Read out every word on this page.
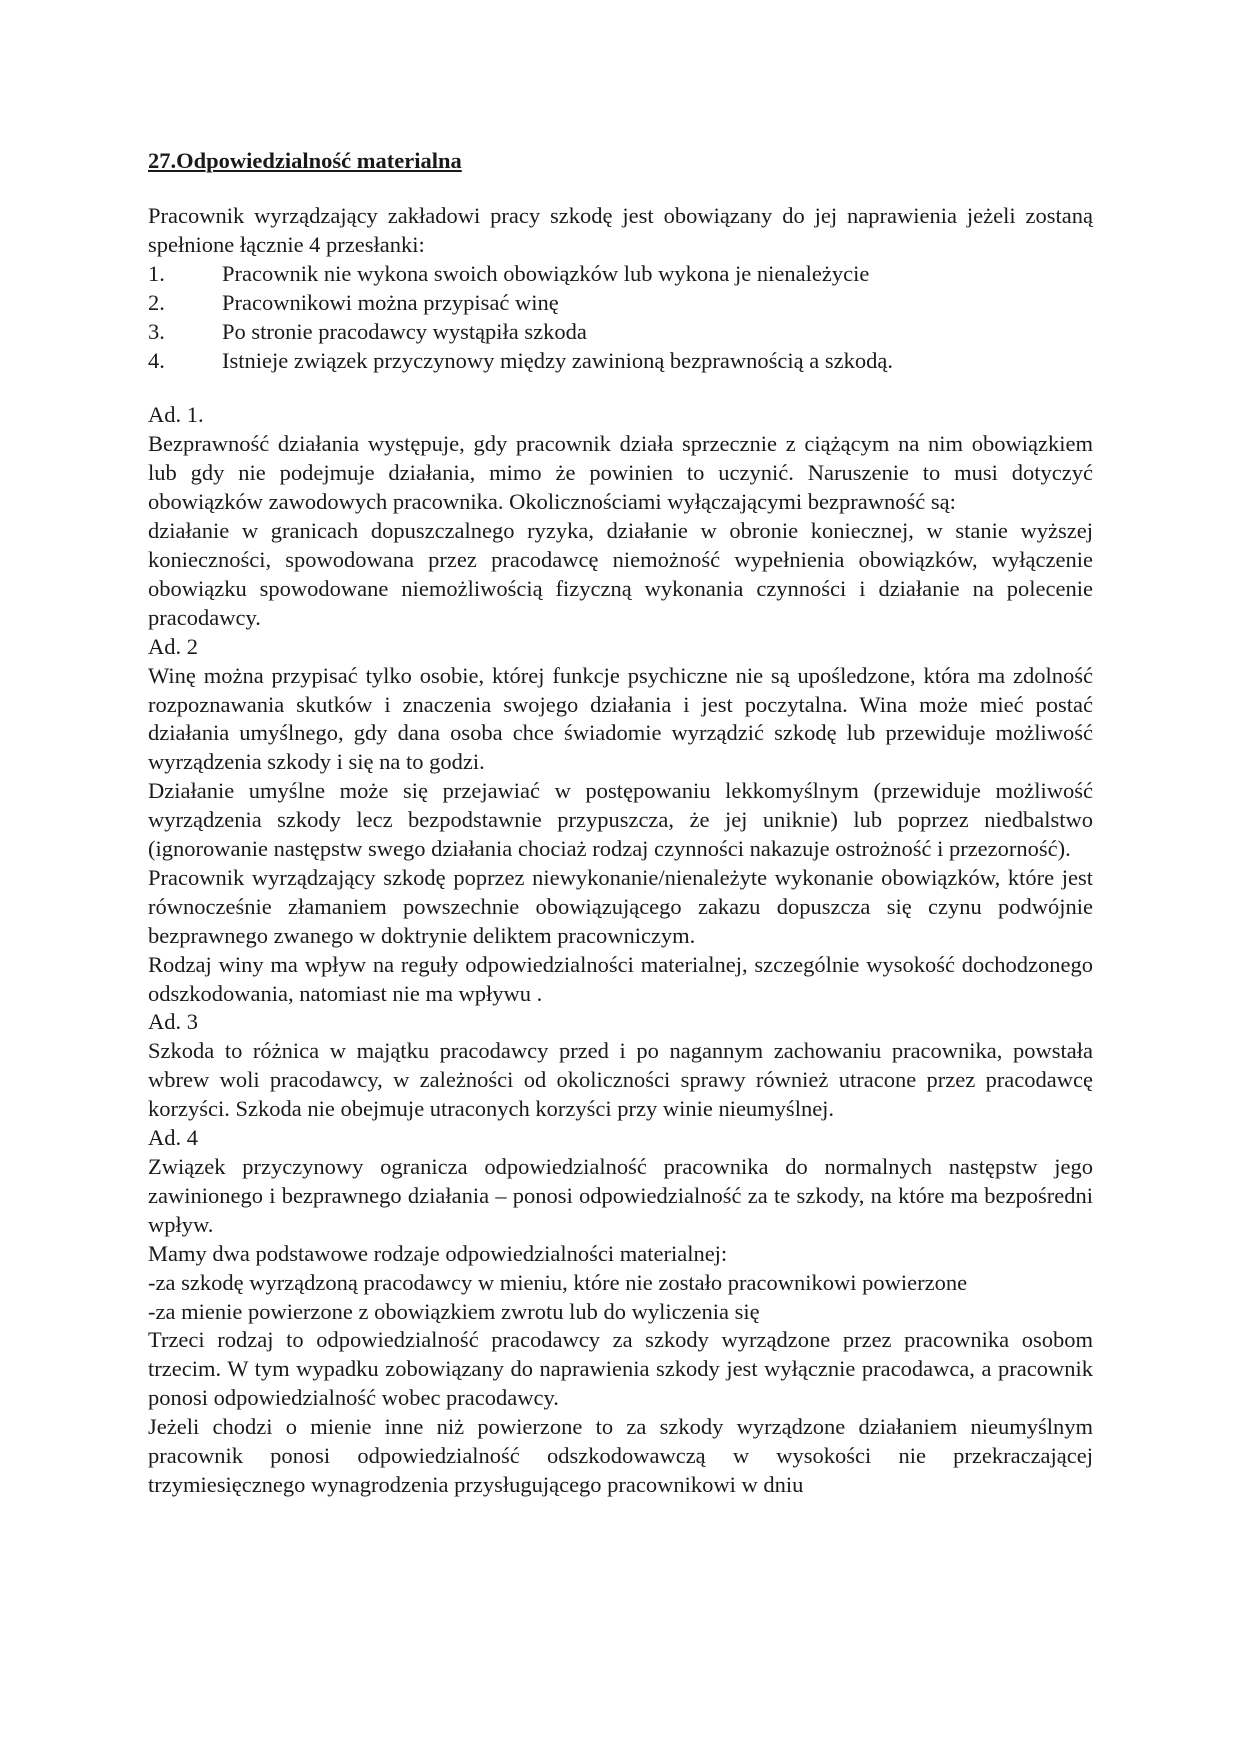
27.Odpowiedzialność materialna

Pracownik wyrządzający zakładowi pracy szkodę jest obowiązany do jej naprawienia jeżeli zostaną spełnione łącznie 4 przesłanki:

1.	Pracownik nie wykona swoich obowiązków lub wykona je nienależycie
2.	Pracownikowi można przypisać winę
3.	Po stronie pracodawcy wystąpiła szkoda
4.	Istnieje związek przyczynowy między zawinioną bezprawnością a szkodą.

Ad. 1.

Bezprawność działania występuje, gdy pracownik działa sprzecznie z ciążącym na nim obowiązkiem lub gdy nie podejmuje działania, mimo że powinien to uczynić. Naruszenie to musi dotyczyć obowiązków zawodowych pracownika. Okolicznościami wyłączającymi bezprawność są:

działanie w granicach dopuszczalnego ryzyka, działanie w obronie koniecznej, w stanie wyższej konieczności, spowodowana przez pracodawcę niemożność wypełnienia obowiązków, wyłączenie obowiązku spowodowane niemożliwością fizyczną wykonania czynności i działanie na polecenie pracodawcy.

Ad. 2

Winę można przypisać tylko osobie, której funkcje psychiczne nie są upośledzone, która ma zdolność rozpoznawania skutków i znaczenia swojego działania i jest poczytalna. Wina może mieć postać działania umyślnego, gdy dana osoba chce świadomie wyrządzić szkodę lub przewiduje możliwość wyrządzenia szkody i się na to godzi.

Działanie umyślne może się przejawiać w postępowaniu lekkomyślnym (przewiduje możliwość wyrządzenia szkody lecz bezpodstawnie przypuszcza, że jej uniknie) lub poprzez niedbalstwo (ignorowanie następstw swego działania chociaż rodzaj czynności nakazuje ostrożność i przezorność).

Pracownik wyrządzający szkodę poprzez niewykonanie/nienależyte wykonanie obowiązków, które jest równocześnie złamaniem powszechnie obowiązującego zakazu dopuszcza się czynu podwójnie bezprawnego zwanego w doktrynie deliktem pracowniczym.

Rodzaj winy ma wpływ na reguły odpowiedzialności materialnej, szczególnie wysokość dochodzonego odszkodowania, natomiast nie ma wpływu .

Ad. 3

Szkoda to różnica w majątku pracodawcy przed i po nagannym zachowaniu pracownika, powstała wbrew woli pracodawcy, w zależności od okoliczności sprawy również utracone przez pracodawcę korzyści. Szkoda nie obejmuje utraconych korzyści przy winie nieumyślnej.

Ad. 4

Związek przyczynowy ogranicza odpowiedzialność pracownika do normalnych następstw jego zawinionego i bezprawnego działania – ponosi odpowiedzialność za te szkody, na które ma bezpośredni wpływ.

Mamy dwa podstawowe rodzaje odpowiedzialności materialnej:

-za szkodę wyrządzoną pracodawcy w mieniu, które nie zostało pracownikowi powierzone

-za mienie powierzone z obowiązkiem zwrotu lub do wyliczenia się

Trzeci rodzaj to odpowiedzialność pracodawcy za szkody wyrządzone przez pracownika osobom trzecim. W tym wypadku zobowiązany do naprawienia szkody jest wyłącznie pracodawca, a pracownik ponosi odpowiedzialność wobec pracodawcy.

Jeżeli chodzi o mienie inne niż powierzone to za szkody wyrządzone działaniem nieumyślnym pracownik ponosi odpowiedzialność odszkodowawczą w wysokości nie przekraczającej trzymiesięcznego wynagrodzenia przysługującego pracownikowi w dniu
